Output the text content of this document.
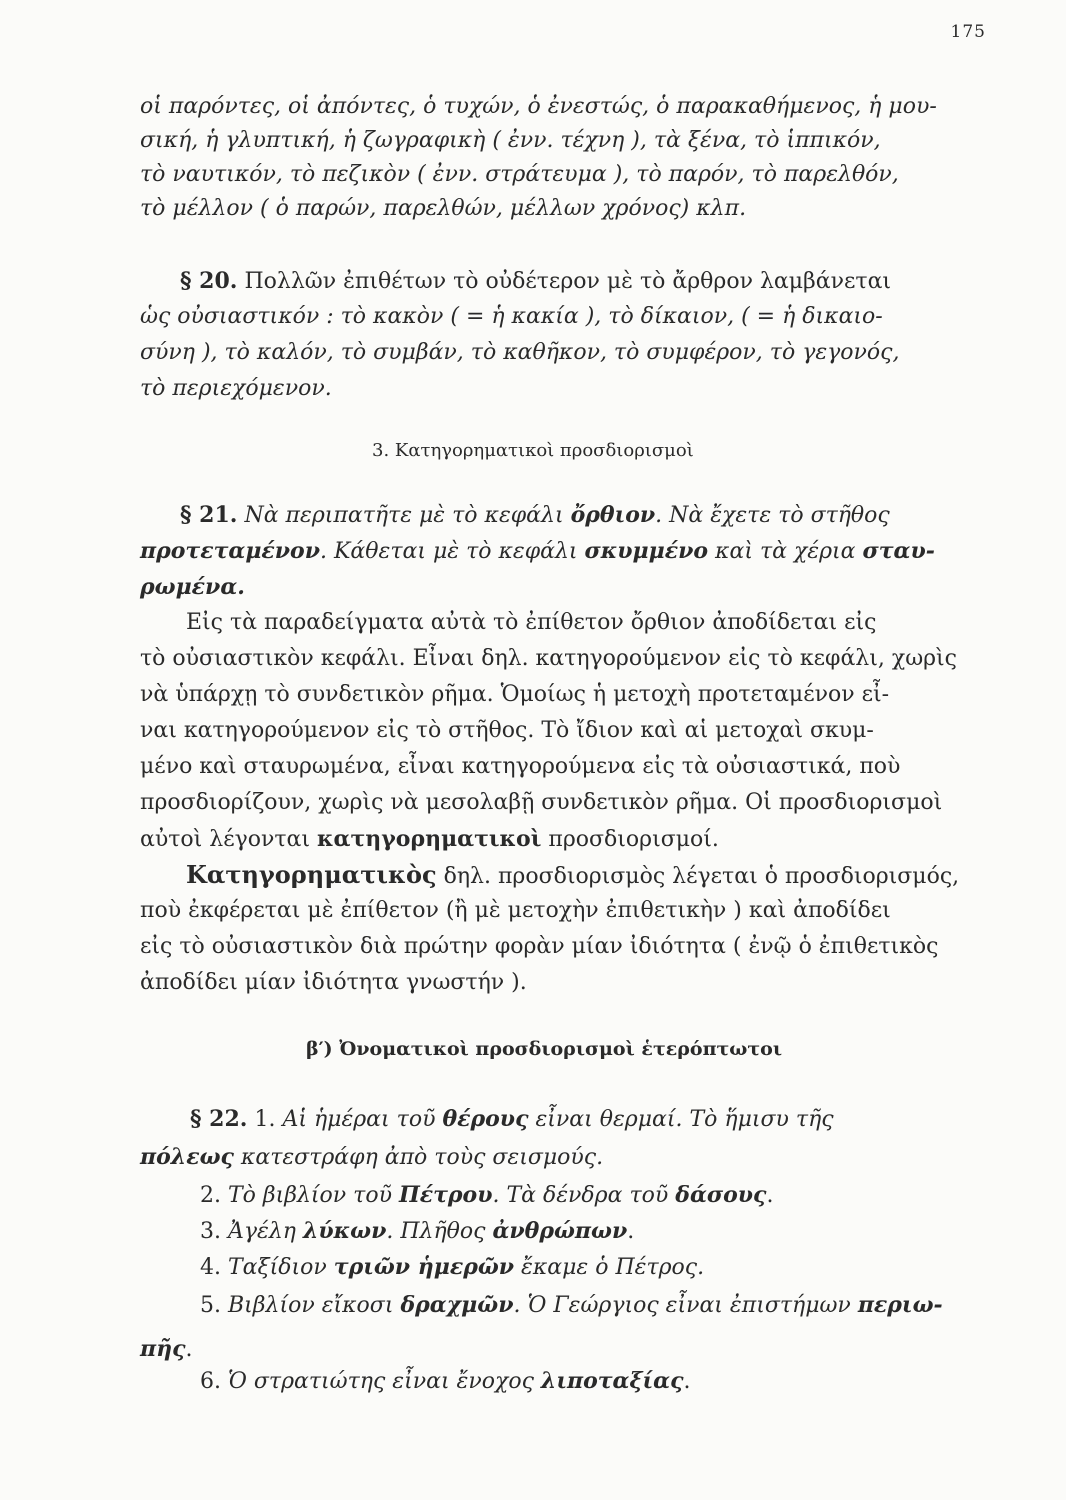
175
οἱ παρόντες, οἱ ἀπόντες, ὁ τυχών, ὁ ἐνεστώς, ὁ παρακαθήμενος, ἡ μου-
σική, ἡ γλυπτική, ἡ ζωγραφικὴ ( ἐνν. τέχνη ), τὰ ξένα, τὸ ἱππικόν,
τὸ ναυτικόν, τὸ πεζικὸν ( ἐνν. στράτευμα ), τὸ παρόν, τὸ παρελθόν,
τὸ μέλλον ( ὁ παρών, παρελθών, μέλλων χρόνος) κλπ.
§ 20. Πολλῶν ἐπιθέτων τὸ οὐδέτερον μὲ τὸ ἄρθρον λαμβάνεται
ὡς οὐσιαστικόν : τὸ κακὸν ( = ἡ κακία ), τὸ δίκαιον, ( = ἡ δικαιο-
σύνη ), τὸ καλόν, τὸ συμβάν, τὸ καθῆκον, τὸ συμφέρον, τὸ γεγονός,
τὸ περιεχόμενον.
3. Κατηγορηματικοὶ προσδιορισμοὶ
§ 21. Νὰ περιπατῆτε μὲ τὸ κεφάλι ὄρθιον. Νὰ ἔχετε τὸ στῆθος
προτεταμένον. Κάθεται μὲ τὸ κεφάλι σκυμμένο καὶ τὰ χέρια σταυ-
ρωμένα.
Εἰς τὰ παραδείγματα αὐτὰ τὸ ἐπίθετον ὄρθιον ἀποδίδεται εἰς
τὸ οὐσιαστικὸν κεφάλι. Εἶναι δηλ. κατηγορούμενον εἰς τὸ κεφάλι, χωρὶς
νὰ ὑπάρχῃ τὸ συνδετικὸν ρῆμα. Ὁμοίως ἡ μετοχὴ προτεταμένον εἶ-
ναι κατηγορούμενον εἰς τὸ στῆθος. Τὸ ἴδιον καὶ αἱ μετοχαὶ σκυμ-
μένο καὶ σταυρωμένα, εἶναι κατηγορούμενα εἰς τὰ οὐσιαστικά, ποὺ
προσδιορίζουν, χωρὶς νὰ μεσολαβῇ συνδετικὸν ρῆμα. Οἱ προσδιορισμοὶ
αὐτοὶ λέγονται κατηγορηματικοὶ προσδιορισμοί.
Κατηγορηματικὸς δηλ. προσδιορισμὸς λέγεται ὁ προσδιορισμός,
ποὺ ἐκφέρεται μὲ ἐπίθετον (ἢ μὲ μετοχὴν ἐπιθετικὴν ) καὶ ἀποδίδει
εἰς τὸ οὐσιαστικὸν διὰ πρώτην φορὰν μίαν ἰδιότητα ( ἐνῷ ὁ ἐπιθετικὸς
ἀποδίδει μίαν ἰδιότητα γνωστήν ).
β′) Ὀνοματικοὶ προσδιορισμοὶ ἑτερόπτωτοι
§ 22. 1. Αἱ ἡμέραι τοῦ θέρους εἶναι θερμαί. Τὸ ἥμισυ τῆς
πόλεως κατεστράφη ἀπὸ τοὺς σεισμούς.
2. Τὸ βιβλίον τοῦ Πέτρου. Τὰ δένδρα τοῦ δάσους.
3. Ἀγέλη λύκων. Πλῆθος ἀνθρώπων.
4. Ταξίδιον τριῶν ἡμερῶν ἔκαμε ὁ Πέτρος.
5. Βιβλίον εἴκοσι δραχμῶν. Ὁ Γεώργιος εἶναι ἐπιστήμων περιω-
πῆς.
6. Ὁ στρατιώτης εἶναι ἔνοχος λιποταξίας.
